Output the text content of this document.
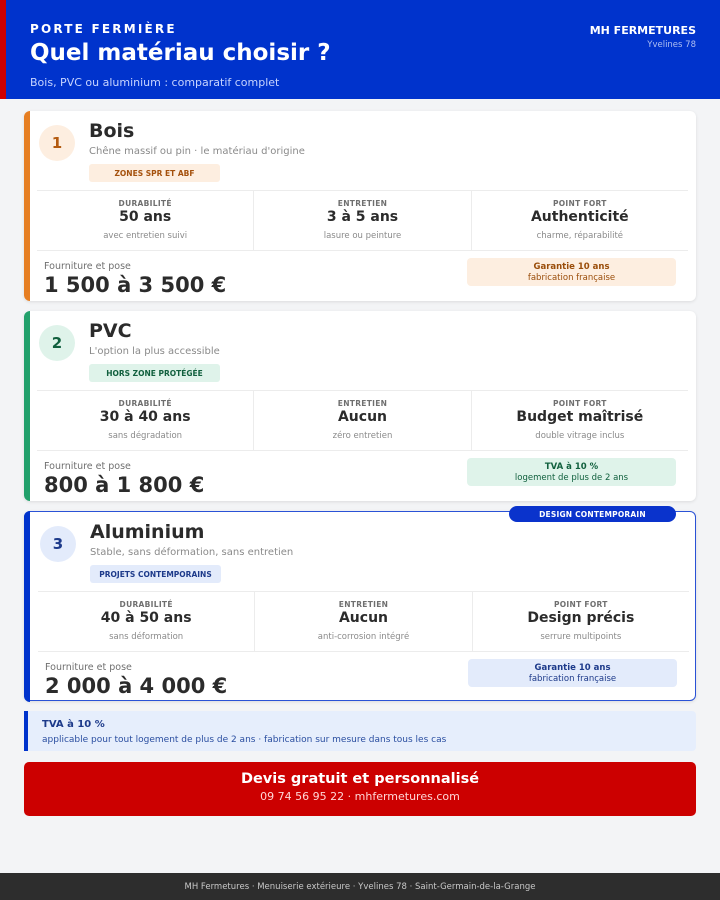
PORTE FERMIÈRE
Quel matériau choisir ?
Bois, PVC ou aluminium : comparatif complet
MH FERMETURES
Yvelines 78
1
Bois
Chêne massif ou pin · le matériau d'origine
ZONES SPR ET ABF
DURABILITÉ
50 ans
avec entretien suivi
ENTRETIEN
3 à 5 ans
lasure ou peinture
POINT FORT
Authenticité
charme, réparabilité
Fourniture et pose
1 500 à 3 500 €
Garantie 10 ans
fabrication française
2
PVC
L'option la plus accessible
HORS ZONE PROTÉGÉE
DURABILITÉ
30 à 40 ans
sans dégradation
ENTRETIEN
Aucun
zéro entretien
POINT FORT
Budget maîtrisé
double vitrage inclus
Fourniture et pose
800 à 1 800 €
TVA à 10 %
logement de plus de 2 ans
DESIGN CONTEMPORAIN
3
Aluminium
Stable, sans déformation, sans entretien
PROJETS CONTEMPORAINS
DURABILITÉ
40 à 50 ans
sans déformation
ENTRETIEN
Aucun
anti-corrosion intégré
POINT FORT
Design précis
serrure multipoints
Fourniture et pose
2 000 à 4 000 €
Garantie 10 ans
fabrication française
TVA à 10 %
applicable pour tout logement de plus de 2 ans · fabrication sur mesure dans tous les cas
Devis gratuit et personnalisé
09 74 56 95 22 · mhfermetures.com
MH Fermetures · Menuiserie extérieure · Yvelines 78 · Saint-Germain-de-la-Grange
